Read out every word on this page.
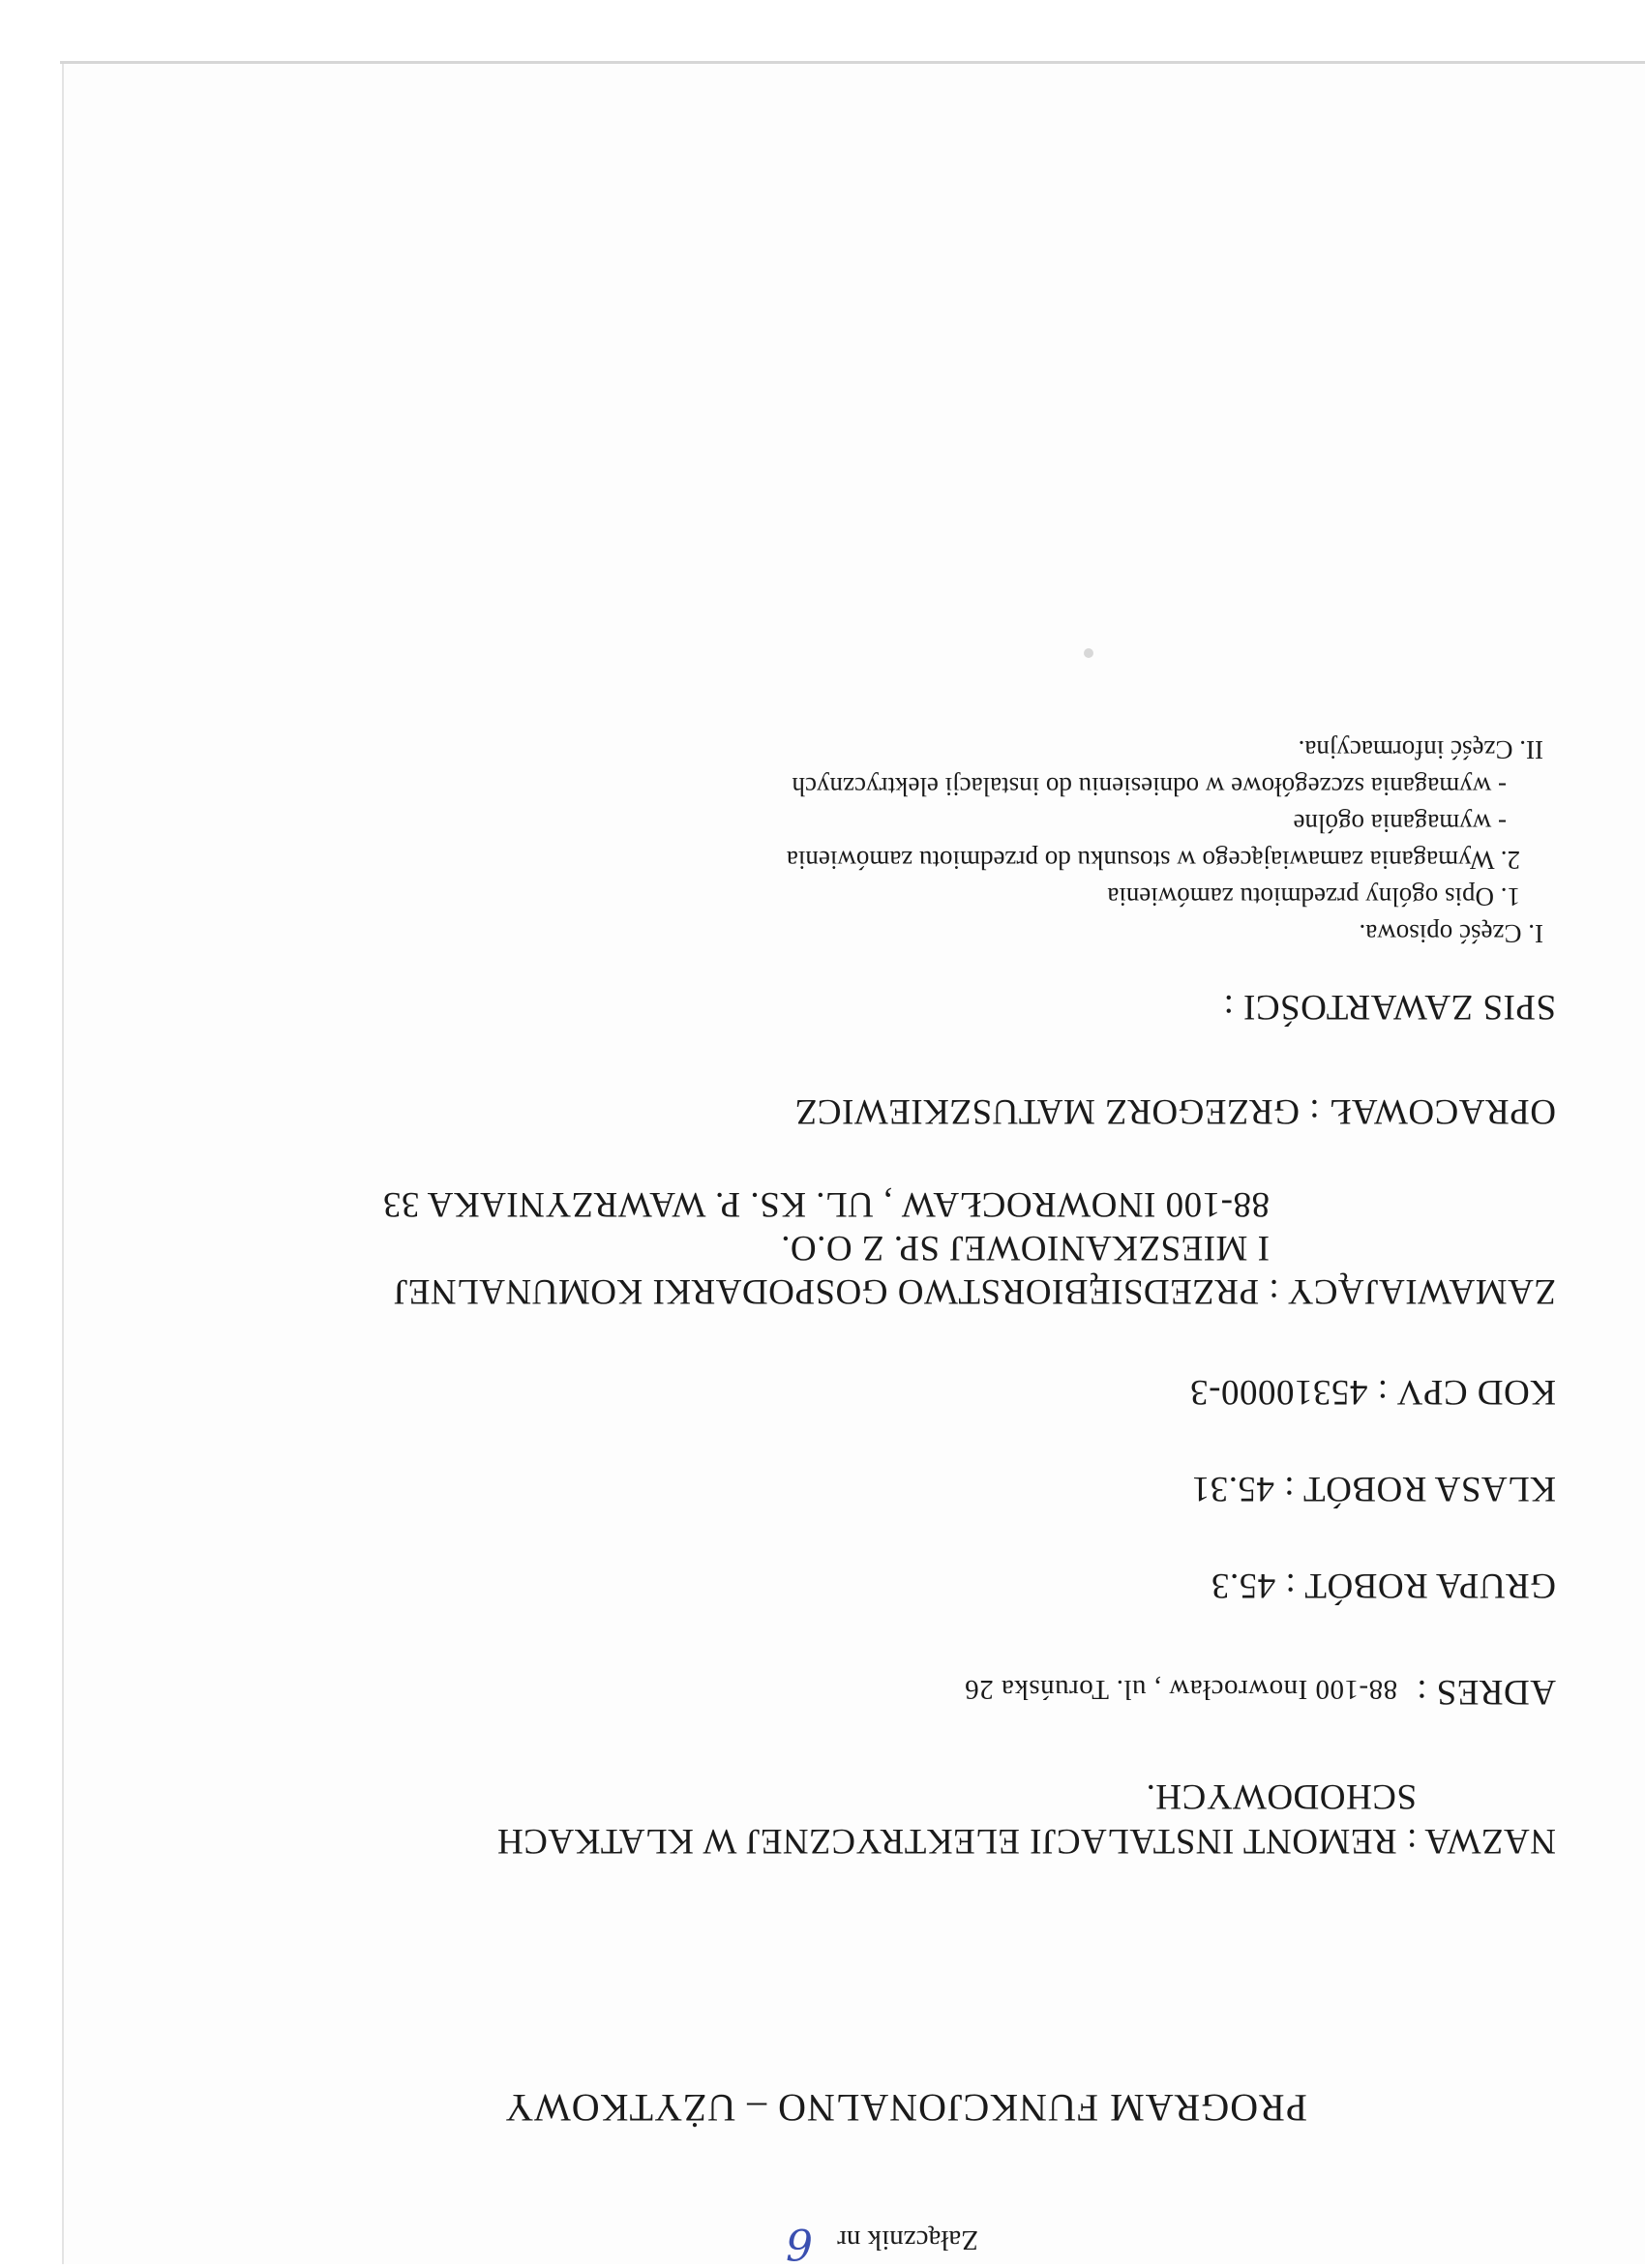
Załącznik nr
6
PROGRAM FUNKCJONALNO – UŻYTKOWY
NAZWA : REMONT INSTALACJI ELEKTRYCZNEJ W KLATKACH
SCHODOWYCH.
ADRES :  88-100 Inowrocław , ul. Toruńska 26
GRUPA ROBÓT : 45.3
KLASA ROBÓT : 45.31
KOD CPV : 45310000-3
ZAMAWIAJĄCY : PRZEDSIĘBIORSTWO GOSPODARKI KOMUNALNEJ
I MIESZKANIOWEJ SP. Z O.O.
88-100 INOWROCŁAW , UL. KS. P. WAWRZYNIAKA 33
OPRACOWAŁ : GRZEGORZ MATUSZKIEWICZ
SPIS ZAWARTOŚCI :
I. Część opisowa.
1. Opis ogólny przedmiotu zamówienia
2. Wymagania zamawiającego w stosunku do przedmiotu zamówienia
- wymagania ogólne
- wymagania szczegółowe w odniesieniu do instalacji elektrycznych
II. Część informacyjna.
